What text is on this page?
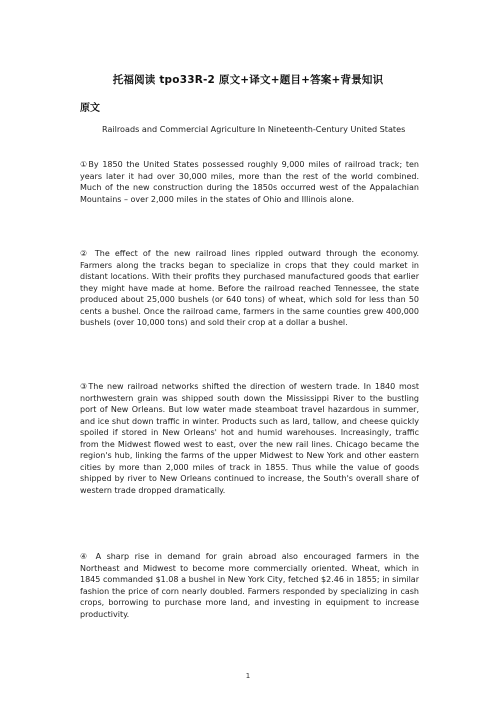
托福阅读 tpo33R-2 原文+译文+题目+答案+背景知识
原文
Railroads and Commercial Agriculture In Nineteenth-Century United States

①By 1850 the United States possessed roughly 9,000 miles of railroad track; ten years later it had over 30,000 miles, more than the rest of the world combined. Much of the new construction during the 1850s occurred west of the Appalachian Mountains – over 2,000 miles in the states of Ohio and Illinois alone.

② The effect of the new railroad lines rippled outward through the economy. Farmers along the tracks began to specialize in crops that they could market in distant locations. With their profits they purchased manufactured goods that earlier they might have made at home. Before the railroad reached Tennessee, the state produced about 25,000 bushels (or 640 tons) of wheat, which sold for less than 50 cents a bushel. Once the railroad came, farmers in the same counties grew 400,000 bushels (over 10,000 tons) and sold their crop at a dollar a bushel.

③The new railroad networks shifted the direction of western trade. In 1840 most northwestern grain was shipped south down the Mississippi River to the bustling port of New Orleans. But low water made steamboat travel hazardous in summer, and ice shut down traffic in winter. Products such as lard, tallow, and cheese quickly spoiled if stored in New Orleans' hot and humid warehouses. Increasingly, traffic from the Midwest flowed west to east, over the new rail lines. Chicago became the region's hub, linking the farms of the upper Midwest to New York and other eastern cities by more than 2,000 miles of track in 1855. Thus while the value of goods shipped by river to New Orleans continued to increase, the South's overall share of western trade dropped dramatically.

④ A sharp rise in demand for grain abroad also encouraged farmers in the Northeast and Midwest to become more commercially oriented. Wheat, which in 1845 commanded $1.08 a bushel in New York City, fetched $2.46 in 1855; in similar fashion the price of corn nearly doubled. Farmers responded by specializing in cash crops, borrowing to purchase more land, and investing in equipment to increase productivity.

1
